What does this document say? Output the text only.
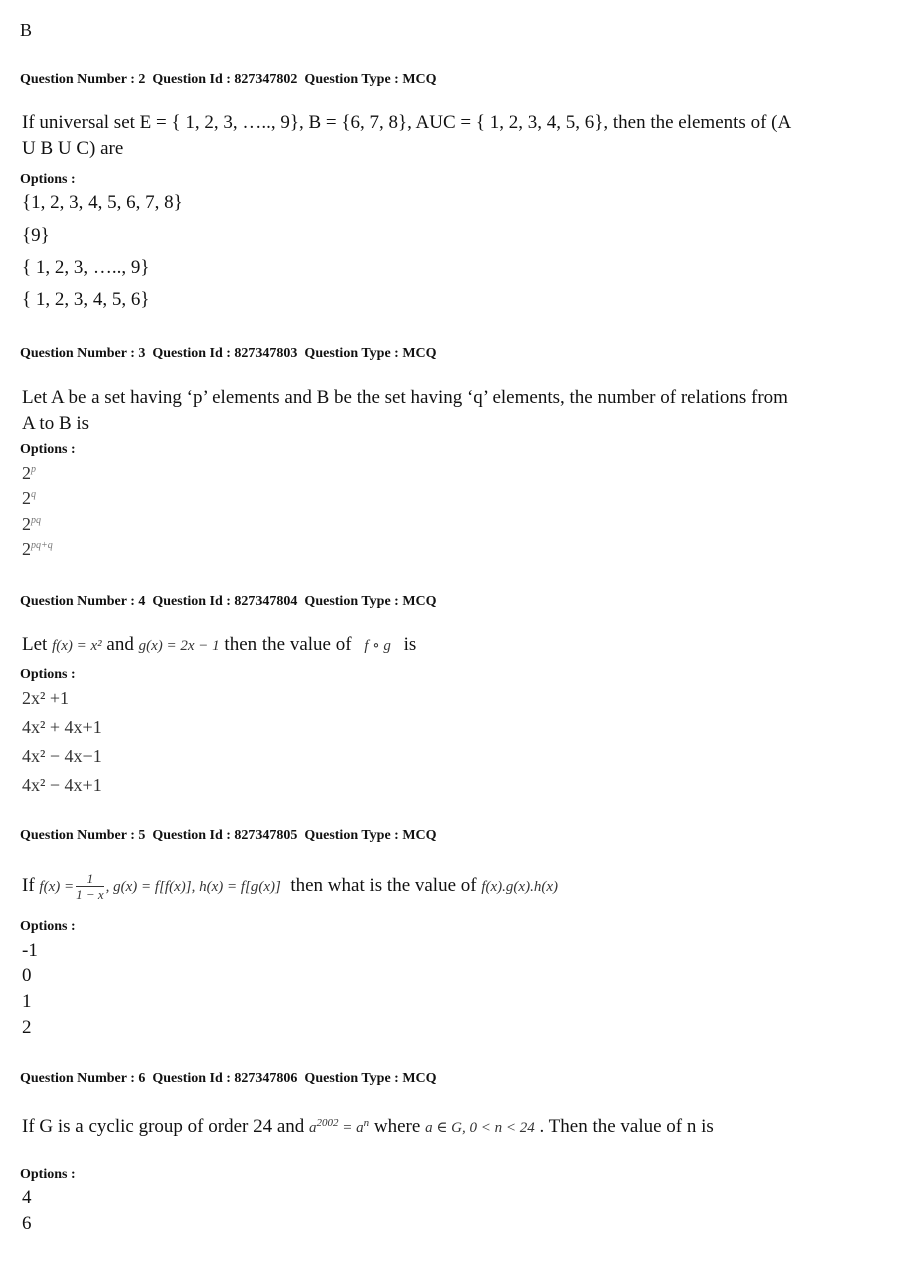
B
Question Number : 2  Question Id : 827347802  Question Type : MCQ
If universal set E = { 1, 2, 3, ….., 9}, B = {6, 7, 8}, AUC = { 1, 2, 3, 4, 5, 6}, then the elements of (A U B U C) are
Options :
{1, 2, 3, 4, 5, 6, 7, 8}
{9}
{ 1, 2, 3, ….., 9}
{ 1, 2, 3, 4, 5, 6}
Question Number : 3  Question Id : 827347803  Question Type : MCQ
Let A be a set having ‘p’ elements and B be the set having ‘q’ elements, the number of relations from A to B is
Options :
2$^p$
2$^q$
$2^{pq}$
$2^{pq+q}$
Question Number : 4  Question Id : 827347804  Question Type : MCQ
Let f(x) = x² and g(x) = 2x − 1 then the value of f ∘ g is
Options :
2x² +1
4x² + 4x+1
4x² − 4x−1
4x² − 4x+1
Question Number : 5  Question Id : 827347805  Question Type : MCQ
If $f(x) = \frac{1}{1 - x}$ , g(x) = f[f(x)], h(x) = f[g(x)] then what is the value of f(x).g(x).h(x)
Options :
-1
0
1
2
Question Number : 6  Question Id : 827347806  Question Type : MCQ
If G is a cyclic group of order 24 and $a^{2002} = a^n$ where a ∈ G, 0 < n < 24 . Then the value of n is
Options :
4
6
